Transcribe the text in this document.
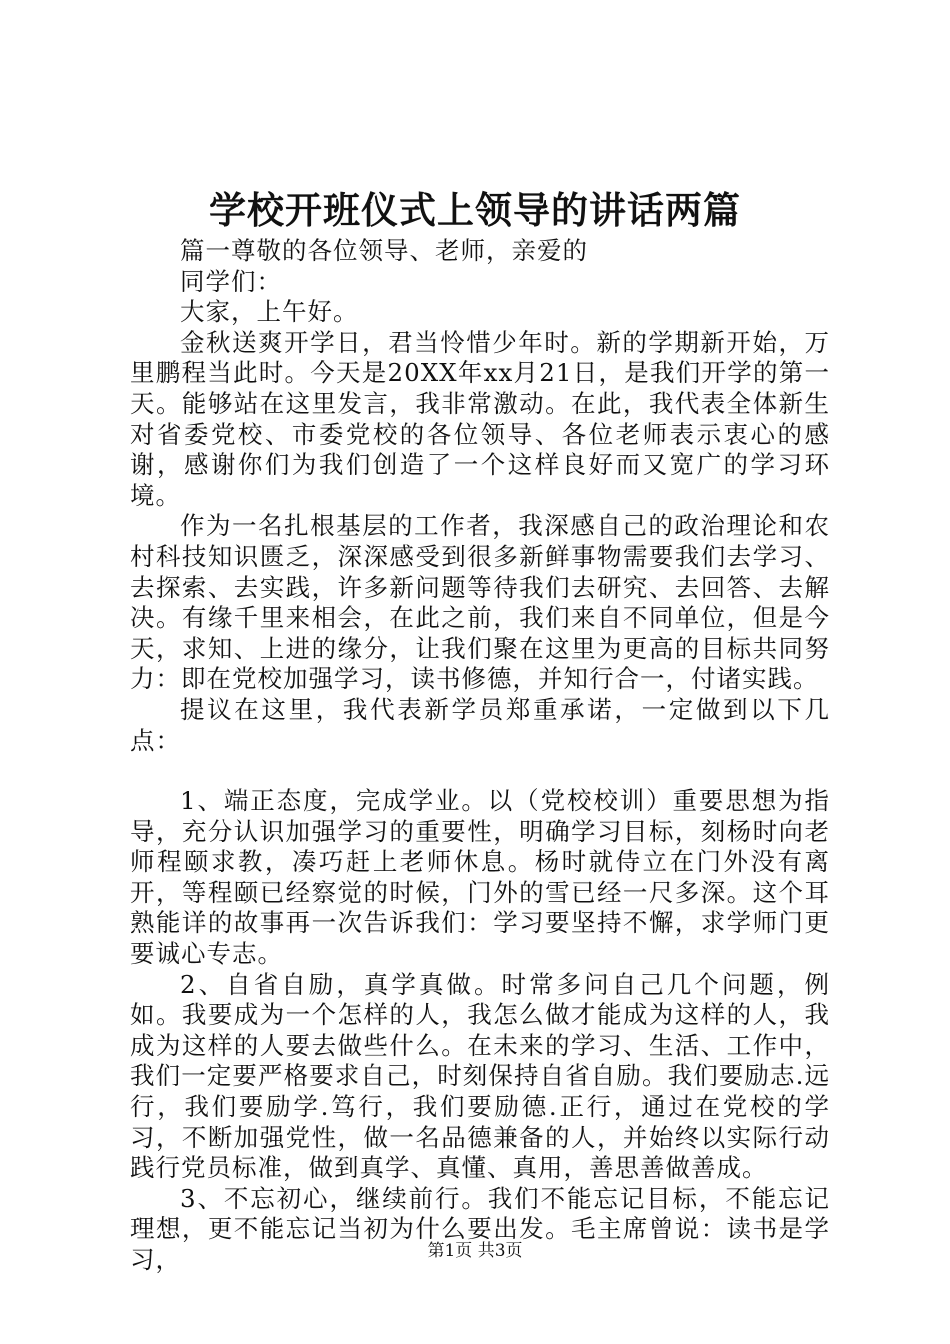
学校开班仪式上领导的讲话两篇

篇一尊敬的各位领导、老师，亲爱的

同学们：

大家，上午好。

金秋送爽开学日，君当怜惜少年时。新的学期新开始，万里鹏程当此时。今天是20XX年xx月21日，是我们开学的第一天。能够站在这里发言，我非常激动。在此，我代表全体新生对省委党校、市委党校的各位领导、各位老师表示衷心的感谢，感谢你们为我们创造了一个这样良好而又宽广的学习环境。

作为一名扎根基层的工作者，我深感自己的政治理论和农村科技知识匮乏，深深感受到很多新鲜事物需要我们去学习、去探索、去实践，许多新问题等待我们去研究、去回答、去解决。有缘千里来相会，在此之前，我们来自不同单位，但是今天，求知、上进的缘分，让我们聚在这里为更高的目标共同努力：即在党校加强学习，读书修德，并知行合一，付诸实践。

提议在这里，我代表新学员郑重承诺，一定做到以下几点：

1、端正态度，完成学业。以（党校校训）重要思想为指导，充分认识加强学习的重要性，明确学习目标，刻杨时向老师程颐求教，凑巧赶上老师休息。杨时就侍立在门外没有离开，等程颐已经察觉的时候，门外的雪已经一尺多深。这个耳熟能详的故事再一次告诉我们：学习要坚持不懈，求学师门更要诚心专志。

2、自省自励，真学真做。时常多问自己几个问题，例如。我要成为一个怎样的人，我怎么做才能成为这样的人，我成为这样的人要去做些什么。在未来的学习、生活、工作中，我们一定要严格要求自己，时刻保持自省自励。我们要励志.远行，我们要励学.笃行，我们要励德.正行，通过在党校的学习，不断加强党性，做一名品德兼备的人，并始终以实际行动践行党员标准，做到真学、真懂、真用，善思善做善成。

3、不忘初心，继续前行。我们不能忘记目标，不能忘记理想，更不能忘记当初为什么要出发。毛主席曾说：读书是学习，	第1页 共3页
